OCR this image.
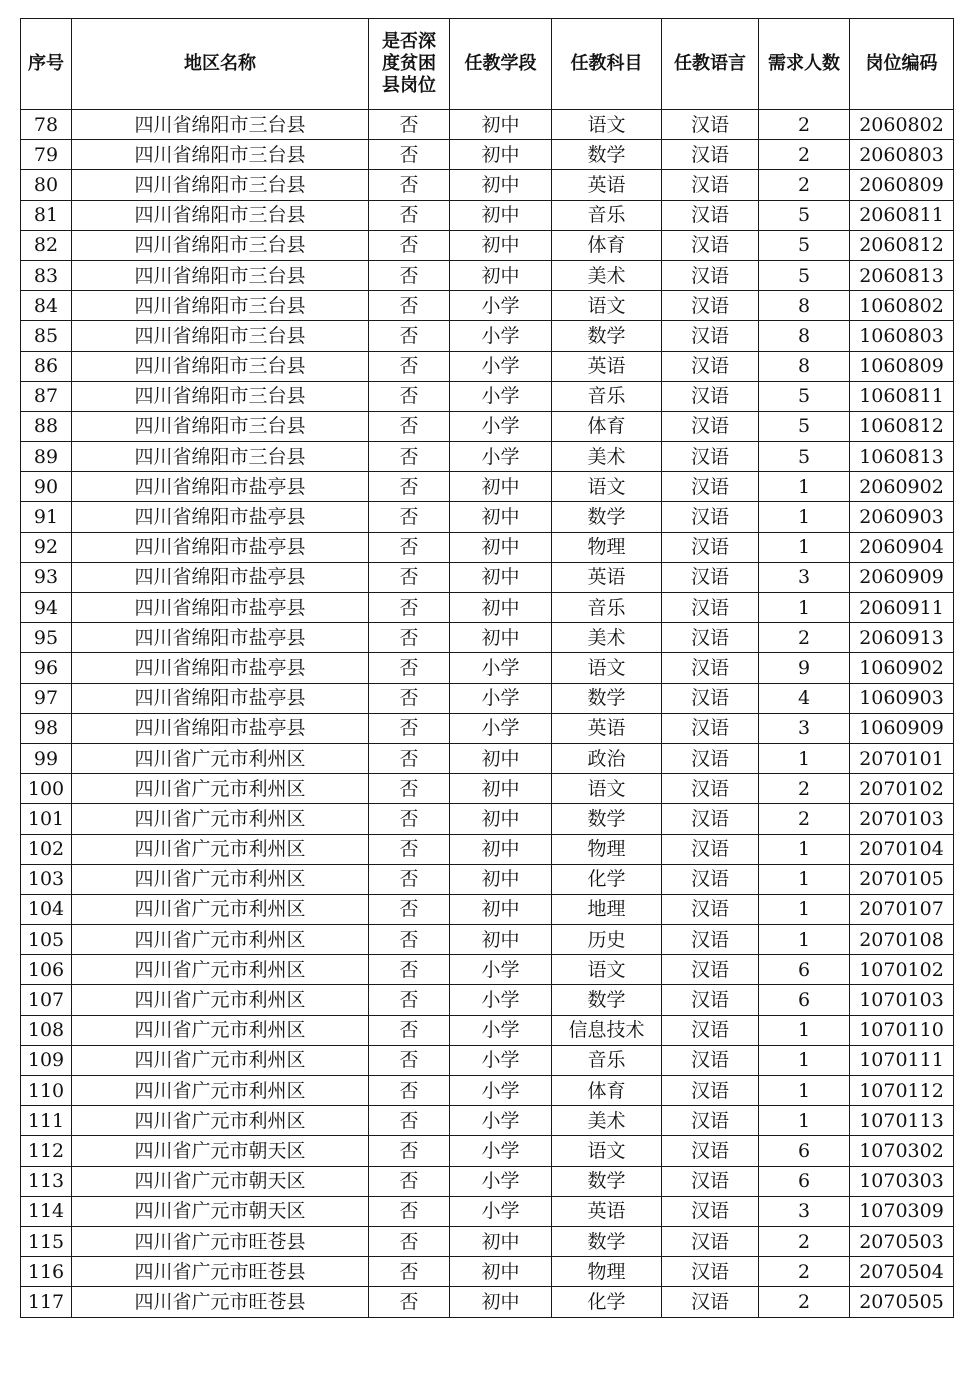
序号	地区名称	是否深度贫困县岗位	任教学段	任教科目	任教语言	需求人数	岗位编码
78	四川省绵阳市三台县	否	初中	语文	汉语	2	2060802
79	四川省绵阳市三台县	否	初中	数学	汉语	2	2060803
80	四川省绵阳市三台县	否	初中	英语	汉语	2	2060809
81	四川省绵阳市三台县	否	初中	音乐	汉语	5	2060811
82	四川省绵阳市三台县	否	初中	体育	汉语	5	2060812
83	四川省绵阳市三台县	否	初中	美术	汉语	5	2060813
84	四川省绵阳市三台县	否	小学	语文	汉语	8	1060802
85	四川省绵阳市三台县	否	小学	数学	汉语	8	1060803
86	四川省绵阳市三台县	否	小学	英语	汉语	8	1060809
87	四川省绵阳市三台县	否	小学	音乐	汉语	5	1060811
88	四川省绵阳市三台县	否	小学	体育	汉语	5	1060812
89	四川省绵阳市三台县	否	小学	美术	汉语	5	1060813
90	四川省绵阳市盐亭县	否	初中	语文	汉语	1	2060902
91	四川省绵阳市盐亭县	否	初中	数学	汉语	1	2060903
92	四川省绵阳市盐亭县	否	初中	物理	汉语	1	2060904
93	四川省绵阳市盐亭县	否	初中	英语	汉语	3	2060909
94	四川省绵阳市盐亭县	否	初中	音乐	汉语	1	2060911
95	四川省绵阳市盐亭县	否	初中	美术	汉语	2	2060913
96	四川省绵阳市盐亭县	否	小学	语文	汉语	9	1060902
97	四川省绵阳市盐亭县	否	小学	数学	汉语	4	1060903
98	四川省绵阳市盐亭县	否	小学	英语	汉语	3	1060909
99	四川省广元市利州区	否	初中	政治	汉语	1	2070101
100	四川省广元市利州区	否	初中	语文	汉语	2	2070102
101	四川省广元市利州区	否	初中	数学	汉语	2	2070103
102	四川省广元市利州区	否	初中	物理	汉语	1	2070104
103	四川省广元市利州区	否	初中	化学	汉语	1	2070105
104	四川省广元市利州区	否	初中	地理	汉语	1	2070107
105	四川省广元市利州区	否	初中	历史	汉语	1	2070108
106	四川省广元市利州区	否	小学	语文	汉语	6	1070102
107	四川省广元市利州区	否	小学	数学	汉语	6	1070103
108	四川省广元市利州区	否	小学	信息技术	汉语	1	1070110
109	四川省广元市利州区	否	小学	音乐	汉语	1	1070111
110	四川省广元市利州区	否	小学	体育	汉语	1	1070112
111	四川省广元市利州区	否	小学	美术	汉语	1	1070113
112	四川省广元市朝天区	否	小学	语文	汉语	6	1070302
113	四川省广元市朝天区	否	小学	数学	汉语	6	1070303
114	四川省广元市朝天区	否	小学	英语	汉语	3	1070309
115	四川省广元市旺苍县	否	初中	数学	汉语	2	2070503
116	四川省广元市旺苍县	否	初中	物理	汉语	2	2070504
117	四川省广元市旺苍县	否	初中	化学	汉语	2	2070505
